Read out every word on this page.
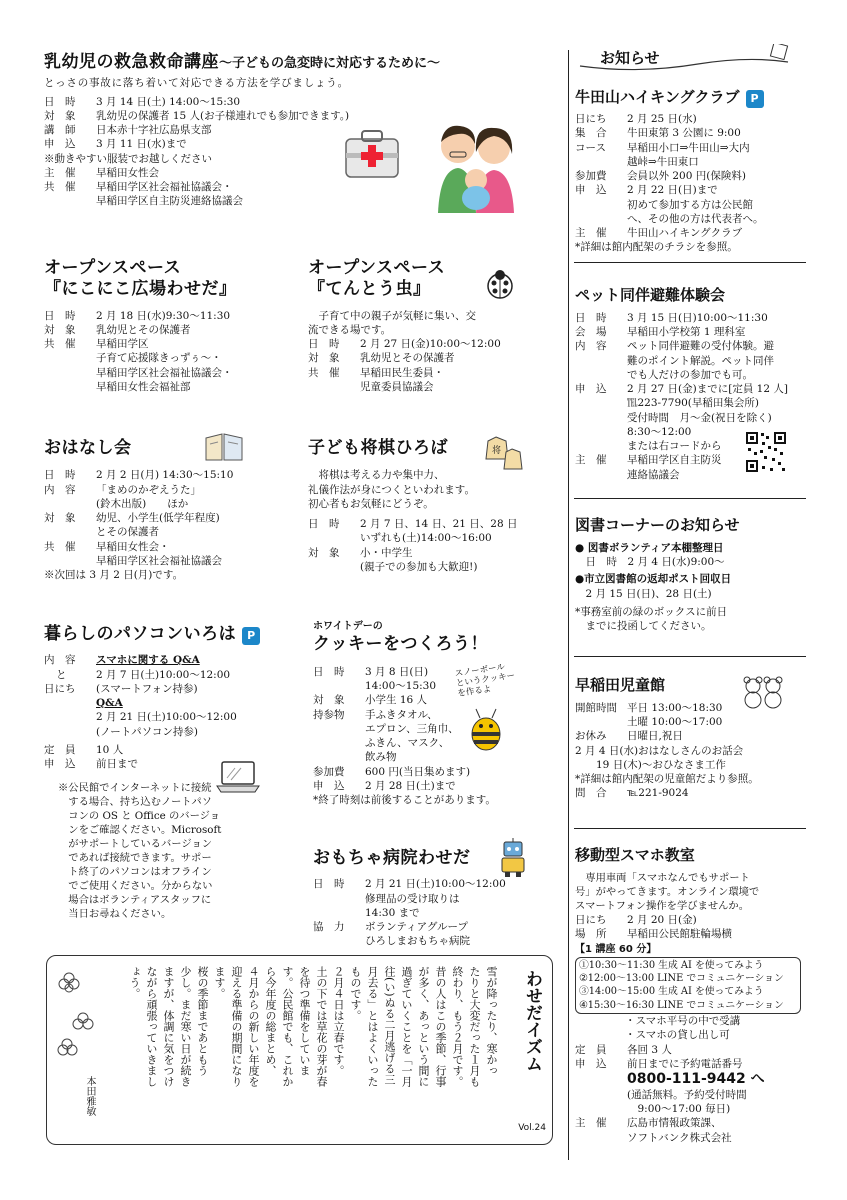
乳幼児の救急救命講座～子どもの急変時に対応するために～
とっさの事故に落ち着いて対応できる方法を学びましょう。
日　時	3 月 14 日(土) 14:00～15:30
対　象	乳幼児の保護者 15 人(お子様連れでも参加できます。)
講　師	日本赤十字社広島県支部
申　込	3 月 11 日(水)まで
※動きやすい服装でお越しください
主　催	早稲田女性会
共　催	早稲田学区社会福祉協議会・
早稲田学区自主防災連絡協議会
オープンスペース
『にこにこ広場わせだ』
日　時	2 月 18 日(水)9:30～11:30
対　象	乳幼児とその保護者
共　催	早稲田学区
子育て応援隊きっずぅ～・
早稲田学区社会福祉協議会・
早稲田女性会福祉部
オープンスペース
『てんとう虫』
　子育て中の親子が気軽に集い、交
流できる場です。
日　時	2 月 27 日(金)10:00～12:00
対　象	乳幼児とその保護者
共　催	早稲田民生委員・
児童委員協議会
おはなし会
日　時	2 月 2 日(月) 14:30～15:10
内　容	「まめのかぞえうた」
(鈴木出版)　　ほか
対　象	幼児、小学生(低学年程度)
とその保護者
共　催	早稲田女性会・
早稲田学区社会福祉協議会
※次回は 3 月 2 日(月)です。
子ども将棋ひろば
　将棋は考える力や集中力、
礼儀作法が身につくといわれます。
初心者もお気軽にどうぞ。
日　時	2 月 7 日、14 日、21 日、28 日
いずれも(土)14:00～16:00
対　象	小・中学生
(親子での参加も大歓迎!)
将
暮らしのパソコンいろは P
内　容	スマホに関する Q&A
と	2 月 7 日(土)10:00～12:00
日にち	(スマートフォン持参)
Q&A
2 月 21 日(土)10:00～12:00
(ノートパソコン持参)
定　員	10 人
申　込	前日まで
※公民館でインターネットに接続
　する場合、持ち込むノートパソ
　コンの OS と Office のバージョ
　ンをご確認ください。Microsoft
　がサポートしているバージョン
　であれば接続できます。サポー
　ト終了のパソコンはオフライン
　でご使用ください。分からない
　場合はボランティアスタッフに
　当日お尋ねください。
ホワイトデーの
クッキーをつくろう！
日　時	3 月 8 日(日)
14:00～15:30
対　象	小学生 16 人
持参物	手ふきタオル、
エプロン、三角巾、
ふきん、マスク、
飲み物
参加費	600 円(当日集めます)
申　込	2 月 28 日(土)まで
*終了時刻は前後することがあります。
スノーボール
というクッキー
を作るよ
おもちゃ病院わせだ
日　時	2 月 21 日(土)10:00～12:00
修理品の受け取りは
14:30 まで
協　力	ボランティアグループ
ひろしまおもちゃ病院
わせだイズム
Vol.24
雪が降ったり、寒かっ
たりと大変だった１月も
終わり、もう２月です。
昔の人はこの季節、行事
が多く、あっという間に
過ぎていくことを「一月
往(い)ぬる二月逃げる三
月去る」とはよくいった
ものです。
２月４日は立春です。
土の下では草花の芽が春
を待つ準備をしていま
す。公民館でも、これか
ら今年度の総まとめ、
４月からの新しい年度を
迎える準備の期間になり
ます。
桜の季節まであともう
少し。まだ寒い日が続き
ますが、体調に気をつけ
ながら頑張っていきまし
ょう。
本田雅敏
お知らせ
牛田山ハイキングクラブ P
日にち	2 月 25 日(水)
集　合	牛田東第 3 公園に 9:00
コース	早稲田小口⇒牛田山⇒大内
越峠⇒牛田東口
参加費	会員以外 200 円(保険料)
申　込	2 月 22 日(日)まで
初めて参加する方は公民館
へ、その他の方は代表者へ。
主　催	牛田山ハイキングクラブ
*詳細は館内配架のチラシを参照。
ペット同伴避難体験会
日　時	3 月 15 日(日)10:00～11:30
会　場	早稲田小学校第 1 理科室
内　容	ペット同伴避難の受付体験。避
難のポイント解説。ペット同伴
でも人だけの参加でも可。
申　込	2 月 27 日(金)までに[定員 12 人]
℡223-7790(早稲田集会所)
受付時間　月～金(祝日を除く)
8:30～12:00
または右コードから
主　催	早稲田学区自主防災
連絡協議会
図書コーナーのお知らせ
● 図書ボランティア本棚整理日
　日　時　2 月 4 日(水)9:00～
●市立図書館の返却ポスト回収日
　2 月 15 日(日)、28 日(土)
*事務室前の緑のボックスに前日
　までに投函してください。
早稲田児童館
開館時間 平日 13:00～18:30
土曜 10:00～17:00
お休み	日曜日,祝日
2 月 4 日(水)おはなしさんのお話会
　　19 日(木)～おひなさま工作
*詳細は館内配架の児童館だより参照。
問　合	℡221-9024
移動型スマホ教室
　専用車両「スマホなんでもサポート
号」がやってきます。オンライン環境で
スマートフォン操作を学びませんか。
日にち	2 月 20 日(金)
場　所	早稲田公民館駐輪場横
【1 講座 60 分】
①10:30～11:30 生成 AI を使ってみよう
②12:00～13:00 LINE でコミュニケーション
③14:00～15:00 生成 AI を使ってみよう
④15:30～16:30 LINE でコミュニケーション
・スマホ平号の中で受講
・スマホの貸し出し可
定　員	各回 3 人
申　込	前日までに予約電話番号
0800-111-9442 へ
(通話無料。予約受付時間
　9:00～17:00 毎日)
主　催	広島市情報政策課、
ソフトバンク株式会社
